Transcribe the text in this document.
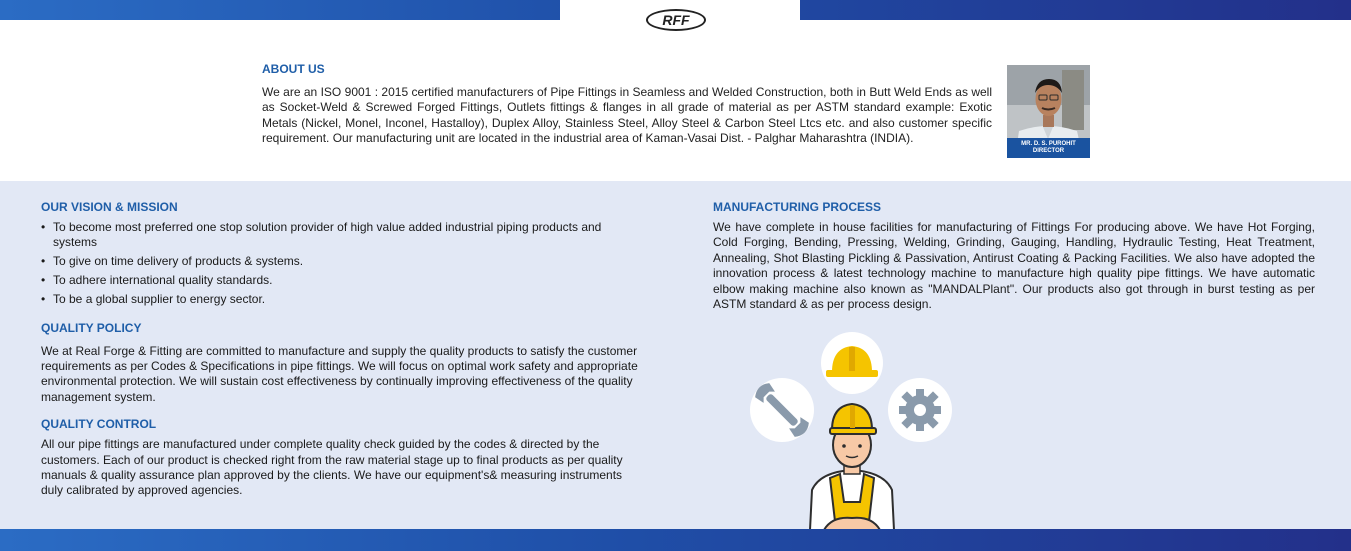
RFF
ABOUT US

We are an ISO 9001 : 2015 certified manufacturers of Pipe Fittings in Seamless and Welded Construction, both in Butt Weld Ends as well as Socket-Weld & Screwed Forged Fittings, Outlets fittings & flanges in all grade of material as per ASTM standard example: Exotic Metals (Nickel, Monel, Inconel, Hastalloy), Duplex Alloy, Stainless Steel, Alloy Steel & Carbon Steel Ltcs etc. and also customer specific requirement. Our manufacturing unit are located in the industrial area of Kaman-Vasai Dist. - Palghar Maharashtra (INDIA).	MR. D. S. PUROHIT
DIRECTOR
OUR VISION & MISSION
• To become most preferred one stop solution provider of high value added industrial piping products and systems
• To give on time delivery of products & systems.
• To adhere international quality standards.
• To be a global supplier to energy sector.
QUALITY POLICY

We at Real Forge & Fitting are committed to manufacture and supply the quality products to satisfy the customer requirements as per Codes & Specifications in pipe fittings. We will focus on optimal work safety and appropriate environmental protection. We will sustain cost effectiveness by continually improving effectiveness of the quality management system.

QUALITY CONTROL

All our pipe fittings are manufactured under complete quality check guided by the codes & directed by the customers. Each of our product is checked right from the raw material stage up to final products as per quality manuals & quality assurance plan approved by the clients. We have our equipment's& measuring instruments duly calibrated by approved agencies.

MANUFACTURING PROCESS

We have complete in house facilities for manufacturing of Fittings For producing above. We have Hot Forging, Cold Forging, Bending, Pressing, Welding, Grinding, Gauging, Handling, Hydraulic Testing, Heat Treatment, Annealing, Shot Blasting Pickling & Passivation, Antirust Coating & Packing Facilities. We also have adopted the innovation process & latest technology machine to manufacture high quality pipe fittings. We have automatic elbow making machine also known as "MANDALPlant". Our products also got through in burst testing as per ASTM standard & as per process design.
